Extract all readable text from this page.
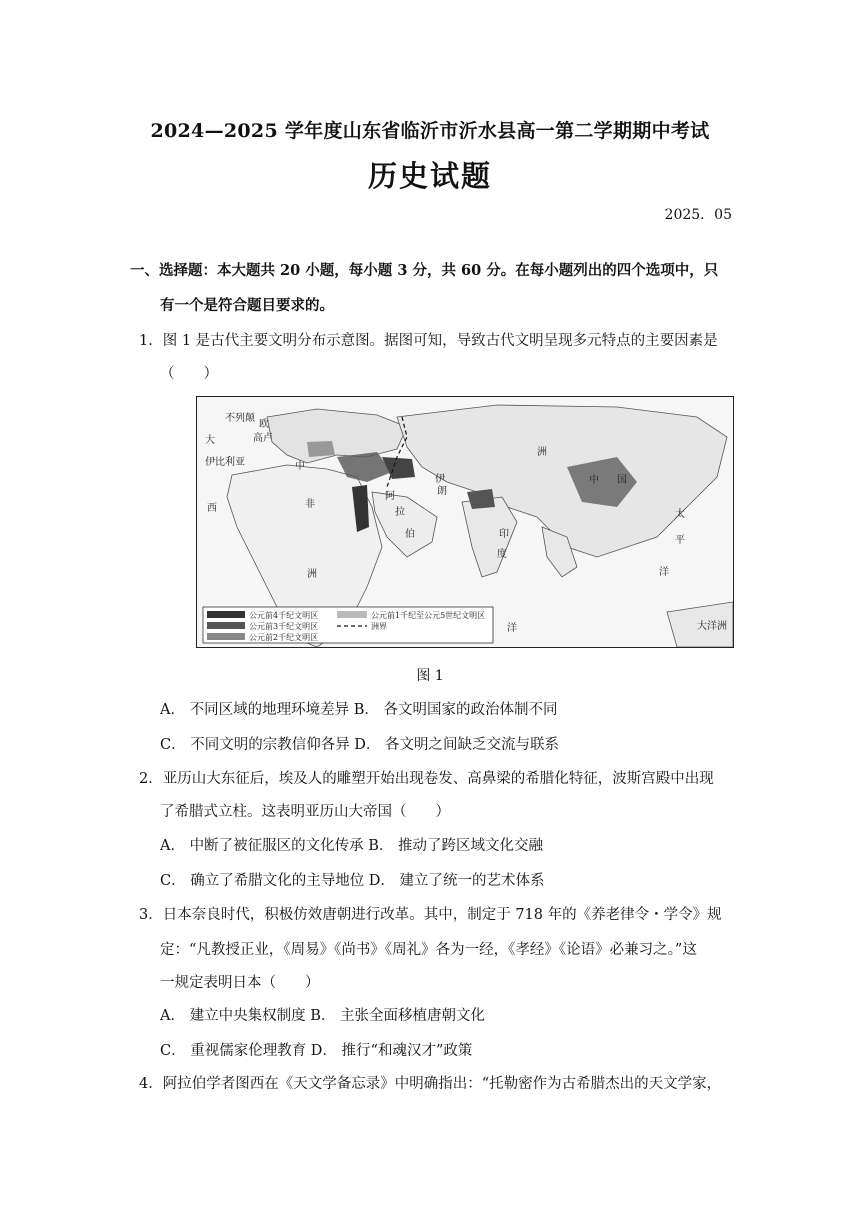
2024—2025 学年度山东省临沂市沂水县高一第二学期期中考试
历史试题
2025．05
一、选择题：本大题共 20 小题，每小题 3 分，共 60 分。在每小题列出的四个选项中，只
有一个是符合题目要求的。
1．图 1 是古代主要文明分布示意图。据图可知，导致古代文明呈现多元特点的主要因素是
（　　）
大
不列颠
欧
高卢
伊比利亚
西	非
洲
中
阿
拉
伯
伊
朗
印
度
洲
中 国
太
平
洋
洋	大洋洲
公元前4千纪文明区
公元前3千纪文明区
公元前2千纪文明区
公元前1千纪至公元5世纪文明区
洲界
图 1
A． 不同区域的地理环境差异 B． 各文明国家的政治体制不同
C． 不同文明的宗教信仰各异 D． 各文明之间缺乏交流与联系
2．亚历山大东征后，埃及人的雕塑开始出现卷发、高鼻梁的希腊化特征，波斯宫殿中出现
了希腊式立柱。这表明亚历山大帝国（　　）
A． 中断了被征服区的文化传承 B． 推动了跨区域文化交融
C． 确立了希腊文化的主导地位 D． 建立了统一的艺术体系
3．日本奈良时代，积极仿效唐朝进行改革。其中，制定于 718 年的《养老律令・学令》规
定：“凡教授正业，《周易》《尚书》《周礼》各为一经，《孝经》《论语》必兼习之。”这
一规定表明日本（　　）
A． 建立中央集权制度 B． 主张全面移植唐朝文化
C． 重视儒家伦理教育 D． 推行“和魂汉才”政策
4．阿拉伯学者图西在《天文学备忘录》中明确指出：“托勒密作为古希腊杰出的天文学家，
